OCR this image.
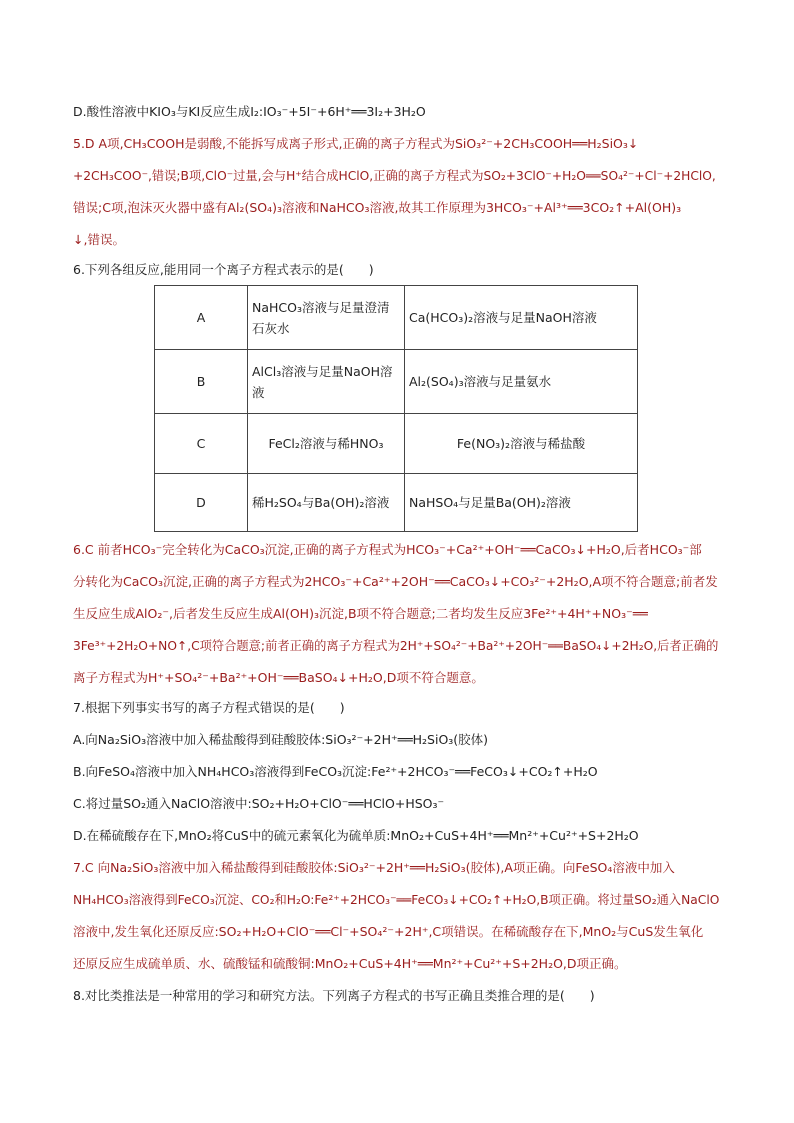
D.酸性溶液中KIO₃与KI反应生成I₂:IO₃⁻+5I⁻+6H⁺══3I₂+3H₂O
5.D A项,CH₃COOH是弱酸,不能拆写成离子形式,正确的离子方程式为SiO₃²⁻+2CH₃COOH══H₂SiO₃↓
+2CH₃COO⁻,错误;B项,ClO⁻过量,会与H⁺结合成HClO,正确的离子方程式为SO₂+3ClO⁻+H₂O══SO₄²⁻+Cl⁻+2HClO,
错误;C项,泡沫灭火器中盛有Al₂(SO₄)₃溶液和NaHCO₃溶液,故其工作原理为3HCO₃⁻+Al³⁺══3CO₂↑+Al(OH)₃
↓,错误。
6.下列各组反应,能用同一个离子方程式表示的是(　　)
A	NaHCO₃溶液与足量澄清石灰水	Ca(HCO₃)₂溶液与足量NaOH溶液
B	AlCl₃溶液与足量NaOH溶液	Al₂(SO₄)₃溶液与足量氨水
C	FeCl₂溶液与稀HNO₃	Fe(NO₃)₂溶液与稀盐酸
D	稀H₂SO₄与Ba(OH)₂溶液	NaHSO₄与足量Ba(OH)₂溶液
6.C 前者HCO₃⁻完全转化为CaCO₃沉淀,正确的离子方程式为HCO₃⁻+Ca²⁺+OH⁻══CaCO₃↓+H₂O,后者HCO₃⁻部
分转化为CaCO₃沉淀,正确的离子方程式为2HCO₃⁻+Ca²⁺+2OH⁻══CaCO₃↓+CO₃²⁻+2H₂O,A项不符合题意;前者发
生反应生成AlO₂⁻,后者发生反应生成Al(OH)₃沉淀,B项不符合题意;二者均发生反应3Fe²⁺+4H⁺+NO₃⁻══
3Fe³⁺+2H₂O+NO↑,C项符合题意;前者正确的离子方程式为2H⁺+SO₄²⁻+Ba²⁺+2OH⁻══BaSO₄↓+2H₂O,后者正确的
离子方程式为H⁺+SO₄²⁻+Ba²⁺+OH⁻══BaSO₄↓+H₂O,D项不符合题意。
7.根据下列事实书写的离子方程式错误的是(　　)
A.向Na₂SiO₃溶液中加入稀盐酸得到硅酸胶体:SiO₃²⁻+2H⁺══H₂SiO₃(胶体)
B.向FeSO₄溶液中加入NH₄HCO₃溶液得到FeCO₃沉淀:Fe²⁺+2HCO₃⁻══FeCO₃↓+CO₂↑+H₂O
C.将过量SO₂通入NaClO溶液中:SO₂+H₂O+ClO⁻══HClO+HSO₃⁻
D.在稀硫酸存在下,MnO₂将CuS中的硫元素氧化为硫单质:MnO₂+CuS+4H⁺══Mn²⁺+Cu²⁺+S+2H₂O
7.C 向Na₂SiO₃溶液中加入稀盐酸得到硅酸胶体:SiO₃²⁻+2H⁺══H₂SiO₃(胶体),A项正确。向FeSO₄溶液中加入
NH₄HCO₃溶液得到FeCO₃沉淀、CO₂和H₂O:Fe²⁺+2HCO₃⁻══FeCO₃↓+CO₂↑+H₂O,B项正确。将过量SO₂通入NaClO
溶液中,发生氧化还原反应:SO₂+H₂O+ClO⁻══Cl⁻+SO₄²⁻+2H⁺,C项错误。在稀硫酸存在下,MnO₂与CuS发生氧化
还原反应生成硫单质、水、硫酸锰和硫酸铜:MnO₂+CuS+4H⁺══Mn²⁺+Cu²⁺+S+2H₂O,D项正确。
8.对比类推法是一种常用的学习和研究方法。下列离子方程式的书写正确且类推合理的是(　　)
